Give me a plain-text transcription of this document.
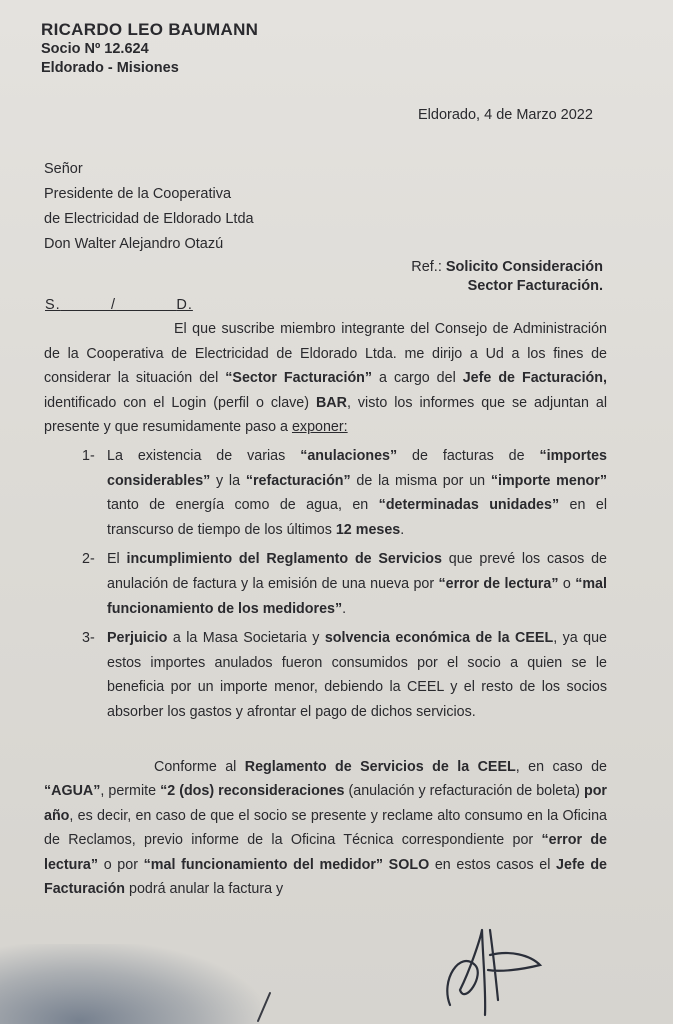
RICARDO LEO BAUMANN
Socio Nº 12.624
Eldorado - Misiones
Eldorado, 4 de Marzo 2022
Señor
Presidente de la Cooperativa
de Electricidad de Eldorado Ltda
Don Walter Alejandro Otazú
Ref.: Solicito Consideración
Sector Facturación.
S.	/	D.

El que suscribe miembro integrante del Consejo de Administración de la Cooperativa de Electricidad de Eldorado Ltda. me dirijo a Ud a los fines de considerar la situación del “Sector Facturación” a cargo del Jefe de Facturación, identificado con el Login (perfil o clave) BAR, visto los informes que se adjuntan al presente y que resumidamente paso a exponer:

1- La existencia de varias “anulaciones” de facturas de “importes considerables” y la “refacturación” de la misma por un “importe menor” tanto de energía como de agua, en “determinadas unidades” en el transcurso de tiempo de los últimos 12 meses.
2- El incumplimiento del Reglamento de Servicios que prevé los casos de anulación de factura y la emisión de una nueva por “error de lectura” o “mal funcionamiento de los medidores”.
3- Perjuicio a la Masa Societaria y solvencia económica de la CEEL, ya que estos importes anulados fueron consumidos por el socio a quien se le beneficia por un importe menor, debiendo la CEEL y el resto de los socios absorber los gastos y afrontar el pago de dichos servicios.

Conforme al Reglamento de Servicios de la CEEL, en caso de “AGUA”, permite “2 (dos) reconsideraciones (anulación y refacturación de boleta) por año, es decir, en caso de que el socio se presente y reclame alto consumo en la Oficina de Reclamos, previo informe de la Oficina Técnica correspondiente por “error de lectura” o por “mal funcionamiento del medidor” SOLO en estos casos el Jefe de Facturación podrá anular la factura y
